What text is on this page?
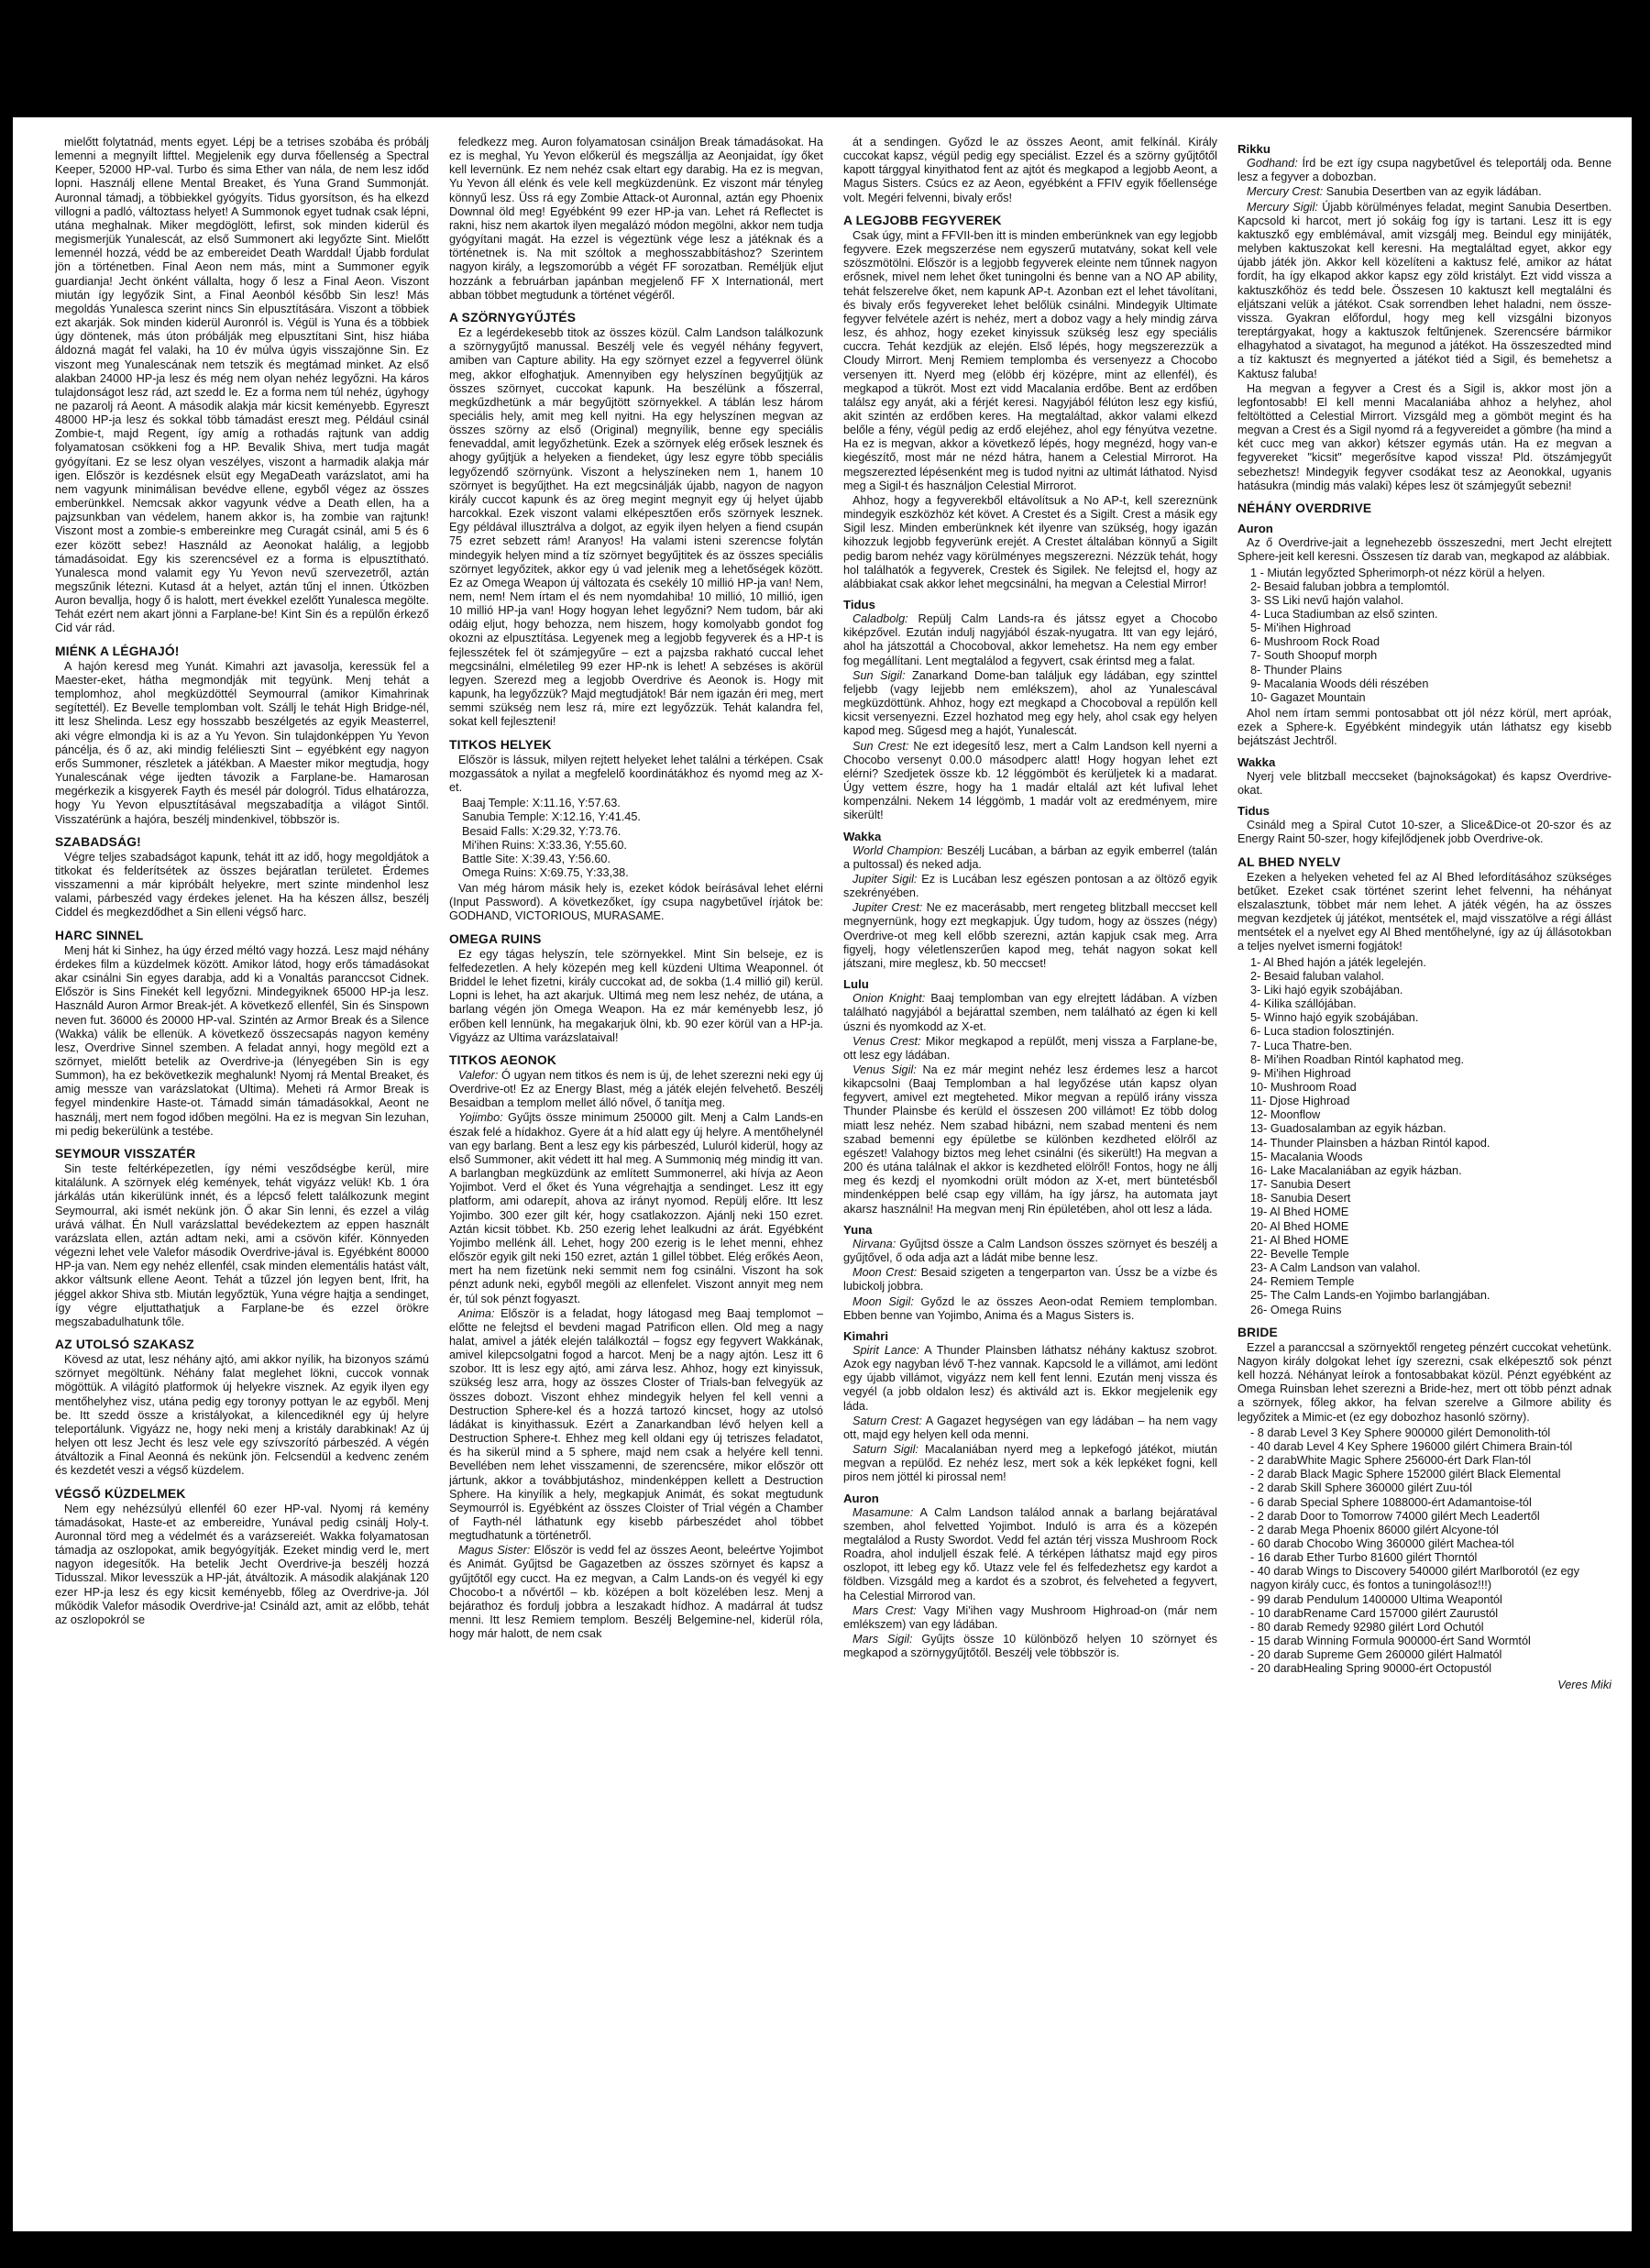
mielőtt folytatnád, ments egyet. Lépj be a tetrises szobába és próbálj lemenni a megnyílt lifttel. Megjelenik egy durva főellenség a Spectral Keeper, 52000 HP-val. Turbo és sima Ether van nála, de nem lesz időd lopni. Használj ellene Mental Breaket, és Yuna Grand Summonját. Auronnal támadj, a többiekkel gyógyíts. Tidus gyorsítson, és ha elkezd villogni a padló, változtass helyet! A Summonok egyet tudnak csak lépni, utána meghalnak. Miker megdöglött, lefirst, sok minden kiderül és megismerjük Yunalescát, az első Summonert aki legyőzte Sint. Mielőtt lemennél hozzá, védd be az embereidet Death Warddal! Újabb fordulat jön a történetben. Final Aeon nem más, mint a Summoner egyik guardianja! Jecht önként vállalta, hogy ő lesz a Final Aeon. Viszont miután így legyőzik Sint, a Final Aeonból később Sin lesz! Más megoldás Yunalesca szerint nincs Sin elpusztítására. Viszont a többiek ezt akarják. Sok minden kiderül Auronról is. Végül is Yuna és a többiek úgy döntenek, más úton próbálják meg elpusztítani Sint, hisz hiába áldozná magát fel valaki, ha 10 év múlva úgyis visszajönne Sin. Ez viszont meg Yunalescának nem tetszik és megtámad minket. Az első alakban 24000 HP-ja lesz és még nem olyan nehéz legyőzni. Ha káros tulajdonságot lesz rád, azt szedd le. Ez a forma nem túl nehéz, úgyhogy ne pazarolj rá Aeont. A második alakja már kicsit keményebb. Egyreszt 48000 HP-ja lesz és sokkal több támadást ereszt meg. Például csinál Zombie-t, majd Regent, így amíg a rothadás rajtunk van addig folyamatosan csökkeni fog a HP. Bevalik Shiva, mert tudja magát gyógyítani. Ez se lesz olyan veszélyes, viszont a harmadik alakja már igen. Először is kezdésnek elsüt egy MegaDeath varázslatot, ami ha nem vagyunk minimálisan bevédve ellene, egyből végez az összes emberünkkel. Nemcsak akkor vagyunk védve a Death ellen, ha a pajzsunkban van védelem, hanem akkor is, ha zombie van rajtunk! Viszont most a zombie-s embereinkre meg Curagát csinál, ami 5 és 6 ezer között sebez! Használd az Aeonokat halálig, a legjobb támadásoidat. Egy kis szerencsével ez a forma is elpusztítható. Yunalesca mond valamit egy Yu Yevon nevű szervezetről, aztán megszűnik létezni. Kutasd át a helyet, aztán tűnj el innen. Útközben Auron bevallja, hogy ő is halott, mert évekkel ezelőtt Yunalesca megölte. Tehát ezért nem akart jönni a Farplane-be! Kint Sin és a repülőn érkező Cid vár rád.

MIÉNK A LÉGHAJÓ!

A hajón keresd meg Yunát. Kimahri azt javasolja, keressük fel a Maester-eket, hátha megmondják mit tegyünk. Menj tehát a templomhoz, ahol megküzdöttél Seymourral (amikor Kimahrinak segítettél). Ez Bevelle templomban volt. Szállj le tehát High Bridge-nél, itt lesz Shelinda. Lesz egy hosszabb beszélgetés az egyik Measterrel, aki végre elmondja ki is az a Yu Yevon. Sin tulajdonképpen Yu Yevon páncélja, és ő az, aki mindig felélieszti Sint – egyébként egy nagyon erős Summoner, részletek a játékban. A Maester mikor megtudja, hogy Yunalescának vége ijedten távozik a Farplane-be. Hamarosan megérkezik a kisgyerek Fayth és mesél pár dologról. Tidus elhatározza, hogy Yu Yevon elpusztításával megszabadítja a világot Sintől. Visszatérünk a hajóra, beszélj mindenkivel, többször is.

SZABADSÁG!

Végre teljes szabadságot kapunk, tehát itt az idő, hogy megoldjátok a titkokat és felderítsétek az összes bejáratlan területet. Érdemes visszamenni a már kipróbált helyekre, mert szinte mindenhol lesz valami, párbeszéd vagy érdekes jelenet. Ha ha készen állsz, beszélj Ciddel és megkezdődhet a Sin elleni végső harc.

HARC SINNEL

Menj hát ki Sinhez, ha úgy érzed méltó vagy hozzá. Lesz majd néhány érdekes film a küzdelmek között. Amikor látod, hogy erős támadásokat akar csinálni Sin egyes darabja, add ki a Vonaltás paranccsot Cidnek. Először is Sins Finekét kell legyőzni. Mindegyiknek 65000 HP-ja lesz. Használd Auron Armor Break-jét. A következő ellenfél, Sin és Sinspown neven fut. 36000 és 20000 HP-val. Szintén az Armor Break és a Silence (Wakka) válik be ellenük. A következő összecsapás nagyon kemény lesz, Overdrive Sinnel szemben. A feladat annyi, hogy megöld ezt a szörnyet, mielőtt betelik az Overdrive-ja (lényegében Sin is egy Summon), ha ez bekövetkezik meghalunk! Nyomj rá Mental Breaket, és amig messze van varázslatokat (Ultima). Meheti rá Armor Break is fegyel mindenkire Haste-ot. Támadd simán támadásokkal, Aeont ne használj, mert nem fogod időben megölni. Ha ez is megvan Sin lezuhan, mi pedig bekerülünk a testébe.

SEYMOUR VISSZATÉR

Sin teste feltérképezetlen, így némi vesződségbe kerül, mire kitalálunk. A szörnyek elég kemények, tehát vigyázz velük! Kb. 1 óra járkálás után kikerülünk innét, és a lépcső felett találkozunk megint Seymourral, aki ismét nekünk jön. Ő akar Sin lenni, és ezzel a világ urává válhat. Én Null varázslattal bevédekeztem az eppen használt varázslata ellen, aztán adtam neki, ami a csövön kifér. Könnyeden végezni lehet vele Valefor második Overdrive-jával is. Egyébként 80000 HP-ja van. Nem egy nehéz ellenfél, csak minden elementális hatást vált, akkor váltsunk ellene Aeont. Tehát a tűzzel jón legyen bent, Ifrit, ha jéggel akkor Shiva stb. Miután legyőztük, Yuna végre hajtja a sendinget, így végre eljuttathatjuk a Farplane-be és ezzel örökre megszabadulhatunk tőle.

AZ UTOLSÓ SZAKASZ

Kövesd az utat, lesz néhány ajtó, ami akkor nyílik, ha bizonyos számú szörnyet megöltünk. Néhány falat meglehet lökni, cuccok vonnak mögöttük. A világító platformok új helyekre visznek. Az egyik ilyen egy mentőhelyhez visz, utána pedig egy toronyy pottyan le az egyből. Menj be. Itt szedd össze a kristályokat, a kilencediknél egy új helyre teleportálunk. Vigyázz ne, hogy neki menj a kristály darabkinak! Az új helyen ott lesz Jecht és lesz vele egy szívszorító párbeszéd. A végén átváltozik a Final Aeonná és nekünk jön. Felcsendül a kedvenc zeném és kezdetét veszi a végső küzdelem.

VÉGSŐ KÜZDELMEK

Nem egy nehézsúlyú ellenfél 60 ezer HP-val. Nyomj rá kemény támadásokat, Haste-et az embereidre, Yunával pedig csinálj Holy-t. Auronnal törd meg a védelmét és a varázsereiét. Wakka folyamatosan támadja az oszlopokat, amik begyógyítják. Ezeket mindig verd le, mert nagyon idegesítők. Ha betelik Jecht Overdrive-ja beszélj hozzá Tidusszal. Mikor levesszük a HP-ját, átváltozik. A második alakjának 120 ezer HP-ja lesz és egy kicsit keményebb, főleg az Overdrive-ja. Jól működik Valefor második Overdrive-ja! Csináld azt, amit az előbb, tehát az oszlopokról se

feledkezz meg. Auron folyamatosan csináljon Break támadásokat. Ha ez is meghal, Yu Yevon előkerül és megszállja az Aeonjaidat, így őket kell levernünk. Ez nem nehéz csak eltart egy darabig. Ha ez is megvan, Yu Yevon áll elénk és vele kell megküzdenünk. Ez viszont már tényleg könnyű lesz. Üss rá egy Zombie Attack-ot Auronnal, aztán egy Phoenix Downnal öld meg! Egyébként 99 ezer HP-ja van. Lehet rá Reflectet is rakni, hisz nem akartok ilyen megalázó módon megölni, akkor nem tudja gyógyítani magát. Ha ezzel is végeztünk vége lesz a játéknak és a történetnek is. Na mit szóltok a meghosszabbításhoz? Szerintem nagyon király, a legszomorúbb a végét FF sorozatban. Reméljük eljut hozzánk a februárban japánban megjelenő FF X Internationál, mert abban többet megtudunk a történet végéről.

A SZÖRNYGYŰJTÉS

Ez a legérdekesebb titok az összes közül. Calm Landson találkozunk a szörnygyűjtő manussal. Beszélj vele és vegyél néhány fegyvert, amiben van Capture ability. Ha egy szörnyet ezzel a fegyverrel ölünk meg, akkor elfoghatjuk. Amennyiben egy helyszínen begyűjtjük az összes szörnyet, cuccokat kapunk. Ha beszélünk a főszerral, megkűzdhetünk a már begyűjtött szörnyekkel. A táblán lesz három speciális hely, amit meg kell nyitni. Ha egy helyszínen megvan az összes szörny az első (Original) megnyílik, benne egy speciális fenevaddal, amit legyőzhetünk. Ezek a szörnyek elég erősek lesznek és ahogy gyűjtjük a helyeken a fiendeket, úgy lesz egyre több speciális legyőzendő szörnyünk. Viszont a helyszíneken nem 1, hanem 10 szörnyet is begyűjthet. Ha ezt megcsinálják újabb, nagyon de nagyon király cuccot kapunk és az öreg megint megnyit egy új helyet újabb harcokkal. Ezek viszont valami elképesztően erős szörnyek lesznek. Egy példával illusztrálva a dolgot, az egyik ilyen helyen a fiend csupán 75 ezret sebzett rám! Aranyos! Ha valami isteni szerencse folytán mindegyik helyen mind a tíz szörnyet begyűjtitek és az összes speciális szörnyet legyőzitek, akkor egy ú vad jelenik meg a lehetőségek között. Ez az Omega Weapon új változata és csekély 10 millió HP-ja van! Nem, nem, nem! Nem írtam el és nem nyomdahiba! 10 millió, 10 millió, igen 10 millió HP-ja van! Hogy hogyan lehet legyőzni? Nem tudom, bár aki odáig eljut, hogy behozza, nem hiszem, hogy komolyabb gondot fog okozni az elpusztítása. Legyenek meg a legjobb fegyverek és a HP-t is fejlesszétek fel öt számjegyűre – ezt a pajzsba rakható cuccal lehet megcsinálni, elméletileg 99 ezer HP-nk is lehet! A sebzéses is akörül legyen. Szerezd meg a legjobb Overdrive és Aeonok is. Hogy mit kapunk, ha legyőzzük? Majd megtudjátok! Bár nem igazán éri meg, mert semmi szükség nem lesz rá, mire ezt legyőzzük. Tehát kalandra fel, sokat kell fejleszteni!

TITKOS HELYEK

Először is lássuk, milyen rejtett helyeket lehet találni a térképen. Csak mozgassátok a nyilat a megfelelő koordinátákhoz és nyomd meg az X-et.

Baaj Temple: X:11.16, Y:57.63.
Sanubia Temple: X:12.16, Y:41.45.
Besaid Falls: X:29.32, Y:73.76.
Mi'ihen Ruins: X:33.36, Y:55.60.
Battle Site: X:39.43, Y:56.60.
Omega Ruins: X:69.75, Y:33,38.

Van még három másik hely is, ezeket kódok beírásával lehet elérni (Input Password). A következőket, így csupa nagybetűvel írjátok be: GODHAND, VICTORIOUS, MURASAME.

OMEGA RUINS

Ez egy tágas helyszín, tele szörnyekkel. Mint Sin belseje, ez is felfedezetlen. A hely közepén meg kell küzdeni Ultima Weaponnel. ót Briddel le lehet fizetni, király cuccokat ad, de sokba (1.4 millió gil) kerül. Lopni is lehet, ha azt akarjuk. Ultimá meg nem lesz nehéz, de utána, a barlang végén jön Omega Weapon. Ha ez már keményebb lesz, jó erőben kell lennünk, ha megakarjuk ölni, kb. 90 ezer körül van a HP-ja. Vigyázz az Ultima varázslataival!

TITKOS AEONOK

Valefor: Ó ugyan nem titkos és nem is új, de lehet szerezni neki egy új Overdrive-ot! Ez az Energy Blast, még a játék elején felvehető. Beszélj Besaidban a templom mellet álló nővel, ő tanítja meg.

Yojimbo: Gyűjts össze minimum 250000 gilt. Menj a Calm Lands-en észak felé a hídakhoz. Gyere át a híd alatt egy új helyre. A mentőhelynél van egy barlang. Bent a lesz egy kis párbeszéd, Luluról kiderül, hogy az első Summoner, akit védett itt hal meg. A Summoniq még mindig itt van. A barlangban megküzdünk az említett Summonerrel, aki hívja az Aeon Yojimbot. Verd el őket és Yuna végrehajtja a sendinget. Lesz itt egy platform, ami odarepít, ahova az irányt nyomod. Repülj előre. Itt lesz Yojimbo. 300 ezer gilt kér, hogy csatlakozzon. Ajánlj neki 150 ezret. Aztán kicsit többet. Kb. 250 ezerig lehet lealkudni az árát. Egyébként Yojimbo mellénk áll. Lehet, hogy 200 ezerig is le lehet menni, ehhez először egyik gilt neki 150 ezret, aztán 1 gillel többet. Elég erőkés Aeon, mert ha nem fizetünk neki semmit nem fog csinálni. Viszont ha sok pénzt adunk neki, egyből megöli az ellenfelet. Viszont annyit meg nem ér, túl sok pénzt fogyaszt.

Anima: Először is a feladat, hogy látogasd meg Baaj templomot – előtte ne felejtsd el bevdeni magad Patrificon ellen. Old meg a nagy halat, amivel a játék elején találkoztál – fogsz egy fegyvert Wakkának, amivel kilepcsolgatni fogod a harcot. Menj be a nagy ajtón. Lesz itt 6 szobor. Itt is lesz egy ajtó, ami zárva lesz. Ahhoz, hogy ezt kinyissuk, szükség lesz arra, hogy az összes Closter of Trials-ban felvegyük az összes dobozt. Viszont ehhez mindegyik helyen fel kell venni a Destruction Sphere-kel és a hozzá tartozó kincset, hogy az utolsó ládákat is kinyithassuk. Ezért a Zanarkandban lévő helyen kell a Destruction Sphere-t. Ehhez meg kell oldani egy új tetriszes feladatot, és ha sikerül mind a 5 sphere, majd nem csak a helyére kell tenni. Bevellében nem lehet visszamenni, de szerencsére, mikor először ott jártunk, akkor a továbbjutáshoz, mindenképpen kellett a Destruction Sphere. Ha kinyílik a hely, megkapjuk Animát, és sokat megtudunk Seymourról is. Egyébként az összes Cloister of Trial végén a Chamber of Fayth-nél láthatunk egy kisebb párbeszédet ahol többet megtudhatunk a történetről.

Magus Sister: Először is vedd fel az összes Aeont, beleértve Yojimbot és Animát. Gyűjtsd be Gagazetben az összes szörnyet és kapsz a gyűjtőtől egy cucct. Ha ez megvan, a Calm Lands-on és vegyél ki egy Chocobo-t a nővértől – kb. középen a bolt közelében lesz. Menj a bejárathoz és fordulj jobbra a leszakadt hídhoz. A madárral át tudsz menni. Itt lesz Remiem templom. Beszélj Belgemine-nel, kiderül róla, hogy már halott, de nem csak

át a sendingen. Győzd le az összes Aeont, amit felkínál. Király cuccokat kapsz, végül pedig egy speciálist. Ezzel és a szörny gyűjtőtől kapott tárggyal kinyithatod fent az ajtót és megkapod a legjobb Aeont, a Magus Sisters. Csúcs ez az Aeon, egyébként a FFIV egyik főellensége volt. Megéri felvenni, bivaly erős!

A LEGJOBB FEGYVEREK

Csak úgy, mint a FFVII-ben itt is minden emberünknek van egy legjobb fegyvere. Ezek megszerzése nem egyszerű mutatvány, sokat kell vele szöszmötölni. Először is a legjobb fegyverek eleinte nem tűnnek nagyon erősnek, mivel nem lehet őket tuningolni és benne van a NO AP ability, tehát felszerelve őket, nem kapunk AP-t. Azonban ezt el lehet távolítani, és bivaly erős fegyvereket lehet belőlük csinálni. Mindegyik Ultimate fegyver felvétele azért is nehéz, mert a doboz vagy a hely mindig zárva lesz, és ahhoz, hogy ezeket kinyissuk szükség lesz egy speciális cuccra. Tehát kezdjük az elején. Első lépés, hogy megszerezzük a Cloudy Mirrort. Menj Remiem templomba és versenyezz a Chocobo versenyen itt. Nyerd meg (elöbb érj középre, mint az ellenfél), és megkapod a tükröt. Most ezt vidd Macalania erdőbe. Bent az erdőben találsz egy anyát, aki a férjét keresi. Nagyjából félúton lesz egy kisfiú, akit szintén az erdőben keres. Ha megtaláltad, akkor valami elkezd belőle a fény, végül pedig az erdő elejéhez, ahol egy fényútva vezetne. Ha ez is megvan, akkor a következő lépés, hogy megnézd, hogy van-e kiegészítő, most már ne nézd hátra, hanem a Celestial Mirrorot. Ha megszerezted lépésenként meg is tudod nyitni az ultimát láthatod. Nyisd meg a Sigil-t és használjon Celestial Mirrorot.

Ahhoz, hogy a fegyverekből eltávolítsuk a No AP-t, kell szereznünk mindegyik eszközhöz két követ. A Crestet és a Sigilt. Crest a másik egy Sigil lesz. Minden emberünknek két ilyenre van szükség, hogy igazán kihozzuk legjobb fegyverünk erejét. A Crestet általában könnyű a Sigilt pedig barom nehéz vagy körülményes megszerezni. Nézzük tehát, hogy hol találhatók a fegyverek, Crestek és Sigilek. Ne felejtsd el, hogy az alábbiakat csak akkor lehet megcsinálni, ha megvan a Celestial Mirror!

Tidus

Caladbolg: Repülj Calm Lands-ra és játssz egyet a Chocobo kiképzővel. Ezután indulj nagyjából észak-nyugatra. Itt van egy lejáró, ahol ha játszottál a Chocoboval, akkor lemehetsz. Ha nem egy ember fog megállítani. Lent megtalálod a fegyvert, csak érintsd meg a falat.

Sun Sigil: Zanarkand Dome-ban találjuk egy ládában, egy szinttel feljebb (vagy lejjebb nem emlékszem), ahol az Yunalescával megküzdöttünk. Ahhoz, hogy ezt megkapd a Chocoboval a repülőn kell kicsit versenyezni. Ezzel hozhatod meg egy hely, ahol csak egy helyen kapod meg. Sűgesd meg a hajót, Yunalescát.

Sun Crest: Ne ezt idegesítő lesz, mert a Calm Landson kell nyerni a Chocobo versenyt 0.00.0 másodperc alatt! Hogy hogyan lehet ezt elérni? Szedjetek össze kb. 12 léggömböt és kerüljetek ki a madarat. Úgy vettem észre, hogy ha 1 madár eltalál azt két lufival lehet kompenzálni. Nekem 14 léggömb, 1 madár volt az eredményem, mire sikerült!

Wakka

World Champion: Beszélj Lucában, a bárban az egyik emberrel (talán a pultossal) és neked adja.

Jupiter Sigil: Ez is Lucában lesz egészen pontosan a az öltöző egyik szekrényében.

Jupiter Crest: Ne ez macerásabb, mert rengeteg blitzball meccset kell megnyernünk, hogy ezt megkapjuk. Úgy tudom, hogy az összes (négy) Overdrive-ot meg kell előbb szerezni, aztán kapjuk csak meg. Arra figyelj, hogy véletlenszerűen kapod meg, tehát nagyon sokat kell játszani, mire meglesz, kb. 50 meccset!

Lulu

Onion Knight: Baaj templomban van egy elrejtett ládában. A vízben található nagyjából a bejárattal szemben, nem található az égen ki kell úszni és nyomkodd az X-et.

Venus Crest: Mikor megkapod a repülőt, menj vissza a Farplane-be, ott lesz egy ládában.

Venus Sigil: Na ez már megint nehéz lesz érdemes lesz a harcot kikapcsolni (Baaj Templomban a hal legyőzése után kapsz olyan fegyvert, amivel ezt megteheted. Mikor megvan a repülő irány vissza Thunder Plainsbe és kerüld el összesen 200 villámot! Ez több dolog miatt lesz nehéz. Nem szabad hibázni, nem szabad menteni és nem szabad bemenni egy épületbe se különben kezdheted elölről az egészet! Valahogy biztos meg lehet csinálni (és sikerült!) Ha megvan a 200 és utána találnak el akkor is kezdheted elölről! Fontos, hogy ne állj meg és kezdj el nyomkodni orült módon az X-et, mert büntetésből mindenképpen belé csap egy villám, ha így jársz, ha automata jayt akarsz használni! Ha megvan menj Rin épületében, ahol ott lesz a láda.

Yuna

Nirvana: Gyűjtsd össze a Calm Landson összes szörnyet és beszélj a gyűjtővel, ő oda adja azt a ládát mibe benne lesz.

Moon Crest: Besaid szigeten a tengerparton van. Ússz be a vízbe és lubickolj jobbra.

Moon Sigil: Győzd le az összes Aeon-odat Remiem templomban. Ebben benne van Yojimbo, Anima és a Magus Sisters is.

Kimahri

Spirit Lance: A Thunder Plainsben láthatsz néhány kaktusz szobrot. Azok egy nagyban lévő T-hez vannak. Kapcsold le a villámot, ami ledönt egy újabb villámot, vigyázz nem kell fent lenni. Ezután menj vissza és vegyél (a jobb oldalon lesz) és aktiváld azt is. Ekkor megjelenik egy láda.

Saturn Crest: A Gagazet hegységen van egy ládában – ha nem vagy ott, majd egy helyen kell oda menni.

Saturn Sigil: Macalaniában nyerd meg a lepkefogó játékot, miután megvan a repülőd. Ez nehéz lesz, mert sok a kék lepkéket fogni, kell piros nem jöttél ki pirossal nem!

Auron

Masamune: A Calm Landson találod annak a barlang bejáratával szemben, ahol felvetted Yojimbot. Induló is arra és a közepén megtalálod a Rusty Swordot. Vedd fel aztán térj vissza Mushroom Rock Roadra, ahol induljell észak felé. A térképen láthatsz majd egy piros oszlopot, itt lebeg egy kő. Utazz vele fel és felfedezhetsz egy kardot a földben. Vizsgáld meg a kardot és a szobrot, és felveheted a fegyvert, ha Celestial Mirrorod van.

Mars Crest: Vagy Mi'ihen vagy Mushroom Highroad-on (már nem emlékszem) van egy ládában.

Mars Sigil: Gyűjts össze 10 különböző helyen 10 szörnyet és megkapod a szörnygyűjtőtől. Beszélj vele többször is.

Rikku

Godhand: Írd be ezt így csupa nagybetűvel és teleportálj oda. Benne lesz a fegyver a dobozban.

Mercury Crest: Sanubia Desertben van az egyik ládában.

Mercury Sigil: Újabb körülményes feladat, megint Sanubia Desertben. Kapcsold ki harcot, mert jó sokáig fog így is tartani. Lesz itt is egy kaktuszkő egy emblémával, amit vizsgálj meg. Beindul egy minijáték, melyben kaktuszokat kell keresni. Ha megtaláltad egyet, akkor egy újabb játék jön. Akkor kell közelíteni a kaktusz felé, amikor az hátat fordít, ha így elkapod akkor kapsz egy zöld kristályt. Ezt vidd vissza a kaktuszkőhöz és tedd bele. Összesen 10 kaktuszt kell megtalálni és eljátszani velük a játékot. Csak sorrendben lehet haladni, nem össze-vissza. Gyakran előfordul, hogy meg kell vizsgálni bizonyos tereptárgyakat, hogy a kaktuszok feltűnjenek. Szerencsére bármikor elhagyhatod a sivatagot, ha megunod a játékot. Ha összeszedted mind a tíz kaktuszt és megnyerted a játékot tiéd a Sigil, és bemehetsz a Kaktusz faluba!

Ha megvan a fegyver a Crest és a Sigil is, akkor most jön a legfontosabb! El kell menni Macalaniába ahhoz a helyhez, ahol feltöltötted a Celestial Mirrort. Vizsgáld meg a gömböt megint és ha megvan a Crest és a Sigil nyomd rá a fegyvereidet a gömbre (ha mind a két cucc meg van akkor) kétszer egymás után. Ha ez megvan a fegyvereket "kicsit" megerősítve kapod vissza! Pld. ötszámjegyűt sebezhetsz! Mindegyik fegyver csodákat tesz az Aeonokkal, ugyanis hatásukra (mindig más valaki) képes lesz öt számjegyűt sebezni!

NÉHÁNY OVERDRIVE
Auron

Az ő Overdrive-jait a legnehezebb összeszedni, mert Jecht elrejtett Sphere-jeit kell keresni. Összesen tíz darab van, megkapod az alábbiak.

1 - Miután legyőzted Spherimorph-ot nézz körül a helyen.
2- Besaid faluban jobbra a templomtól.
3- SS Liki nevű hajón valahol.
4- Luca Stadiumban az első szinten.
5- Mi'ihen Highroad
6- Mushroom Rock Road
7- South Shoopuf morph
8- Thunder Plains
9- Macalania Woods déli részében
10- Gagazet Mountain

Ahol nem írtam semmi pontosabbat ott jól nézz körül, mert apróak, ezek a Sphere-k. Egyébként mindegyik után láthatsz egy kisebb bejátszást Jechtről.

Wakka

Nyerj vele blitzball meccseket (bajnokságokat) és kapsz Overdrive-okat.

Tidus

Csináld meg a Spiral Cutot 10-szer, a Slice&Dice-ot 20-szor és az Energy Raint 50-szer, hogy kifejlődjenek jobb Overdrive-ok.

AL BHED NYELV

Ezeken a helyeken veheted fel az Al Bhed lefordításához szükséges betűket. Ezeket csak történet szerint lehet felvenni, ha néhányat elszalasztunk, többet már nem lehet. A játék végén, ha az összes megvan kezdjetek új játékot, mentsétek el, majd visszatölve a régi állást mentsétek el a nyelvet egy Al Bhed mentőhelyné, így az új állásotokban a teljes nyelvet ismerni fogjátok!

1- Al Bhed hajón a játék legelején.
2- Besaid faluban valahol.
3- Liki hajó egyik szobájában.
4- Kilika szállójában.
5- Winno hajó egyik szobájában.
6- Luca stadion folosztinjén.
7- Luca Thatre-ben.
8- Mi'ihen Roadban Rintól kaphatod meg.
9- Mi'ihen Highroad
10- Mushroom Road
11- Djose Highroad
12- Moonflow
13- Guadosalamban az egyik házban.
14- Thunder Plainsben a házban Rintól kapod.
15- Macalania Woods
16- Lake Macalaniában az egyik házban.
17- Sanubia Desert
18- Sanubia Desert
19- Al Bhed HOME
20- Al Bhed HOME
21- Al Bhed HOME
22- Bevelle Temple
23- A Calm Landson van valahol.
24- Remiem Temple
25- The Calm Lands-en Yojimbo barlangjában.
26- Omega Ruins
BRIDE

Ezzel a paranccsal a szörnyektől rengeteg pénzért cuccokat vehetünk. Nagyon király dolgokat lehet így szerezni, csak elképesztő sok pénzt kell hozzá. Néhányat leírok a fontosabbakat közül. Pénzt egyébként az Omega Ruinsban lehet szerezni a Bride-hez, mert ott több pénzt adnak a szörnyek, főleg akkor, ha felvan szerelve a Gilmore ability és legyőzitek a Mimic-et (ez egy dobozhoz hasonló szörny).

- 8 darab Level 3 Key Sphere 900000 gilért Demonolith-tól
- 40 darab Level 4 Key Sphere 196000 gilért Chimera Brain-tól
- 2 darabWhite Magic Sphere 256000-ért Dark Flan-tól
- 2 darab Black Magic Sphere 152000 gilért Black Elemental
- 2 darab Skill Sphere 360000 gilért Zuu-tól
- 6 darab Special Sphere 1088000-ért Adamantoise-tól
- 2 darab Door to Tomorrow 74000 gilért Mech Leadertől
- 2 darab Mega Phoenix 86000 gilért Alcyone-tól
- 60 darab Chocobo Wing 360000 gilért Machea-tól
- 16 darab Ether Turbo 81600 gilért Thorntól
- 40 darab Wings to Discovery 540000 gilért Marlborotól (ez egy nagyon király cucc, és fontos a tuningolásoz!!!)
- 99 darab Pendulum 1400000 Ultima Weapontól
- 10 darabRename Card 157000 gilért Zaurustól
- 80 darab Remedy 92980 gilért Lord Ochutól
- 15 darab Winning Formula 900000-ért Sand Wormtól
- 20 darab Supreme Gem 260000 gilért Halmatól
- 20 darabHealing Spring 90000-ért Octopustól
Veres Miki
